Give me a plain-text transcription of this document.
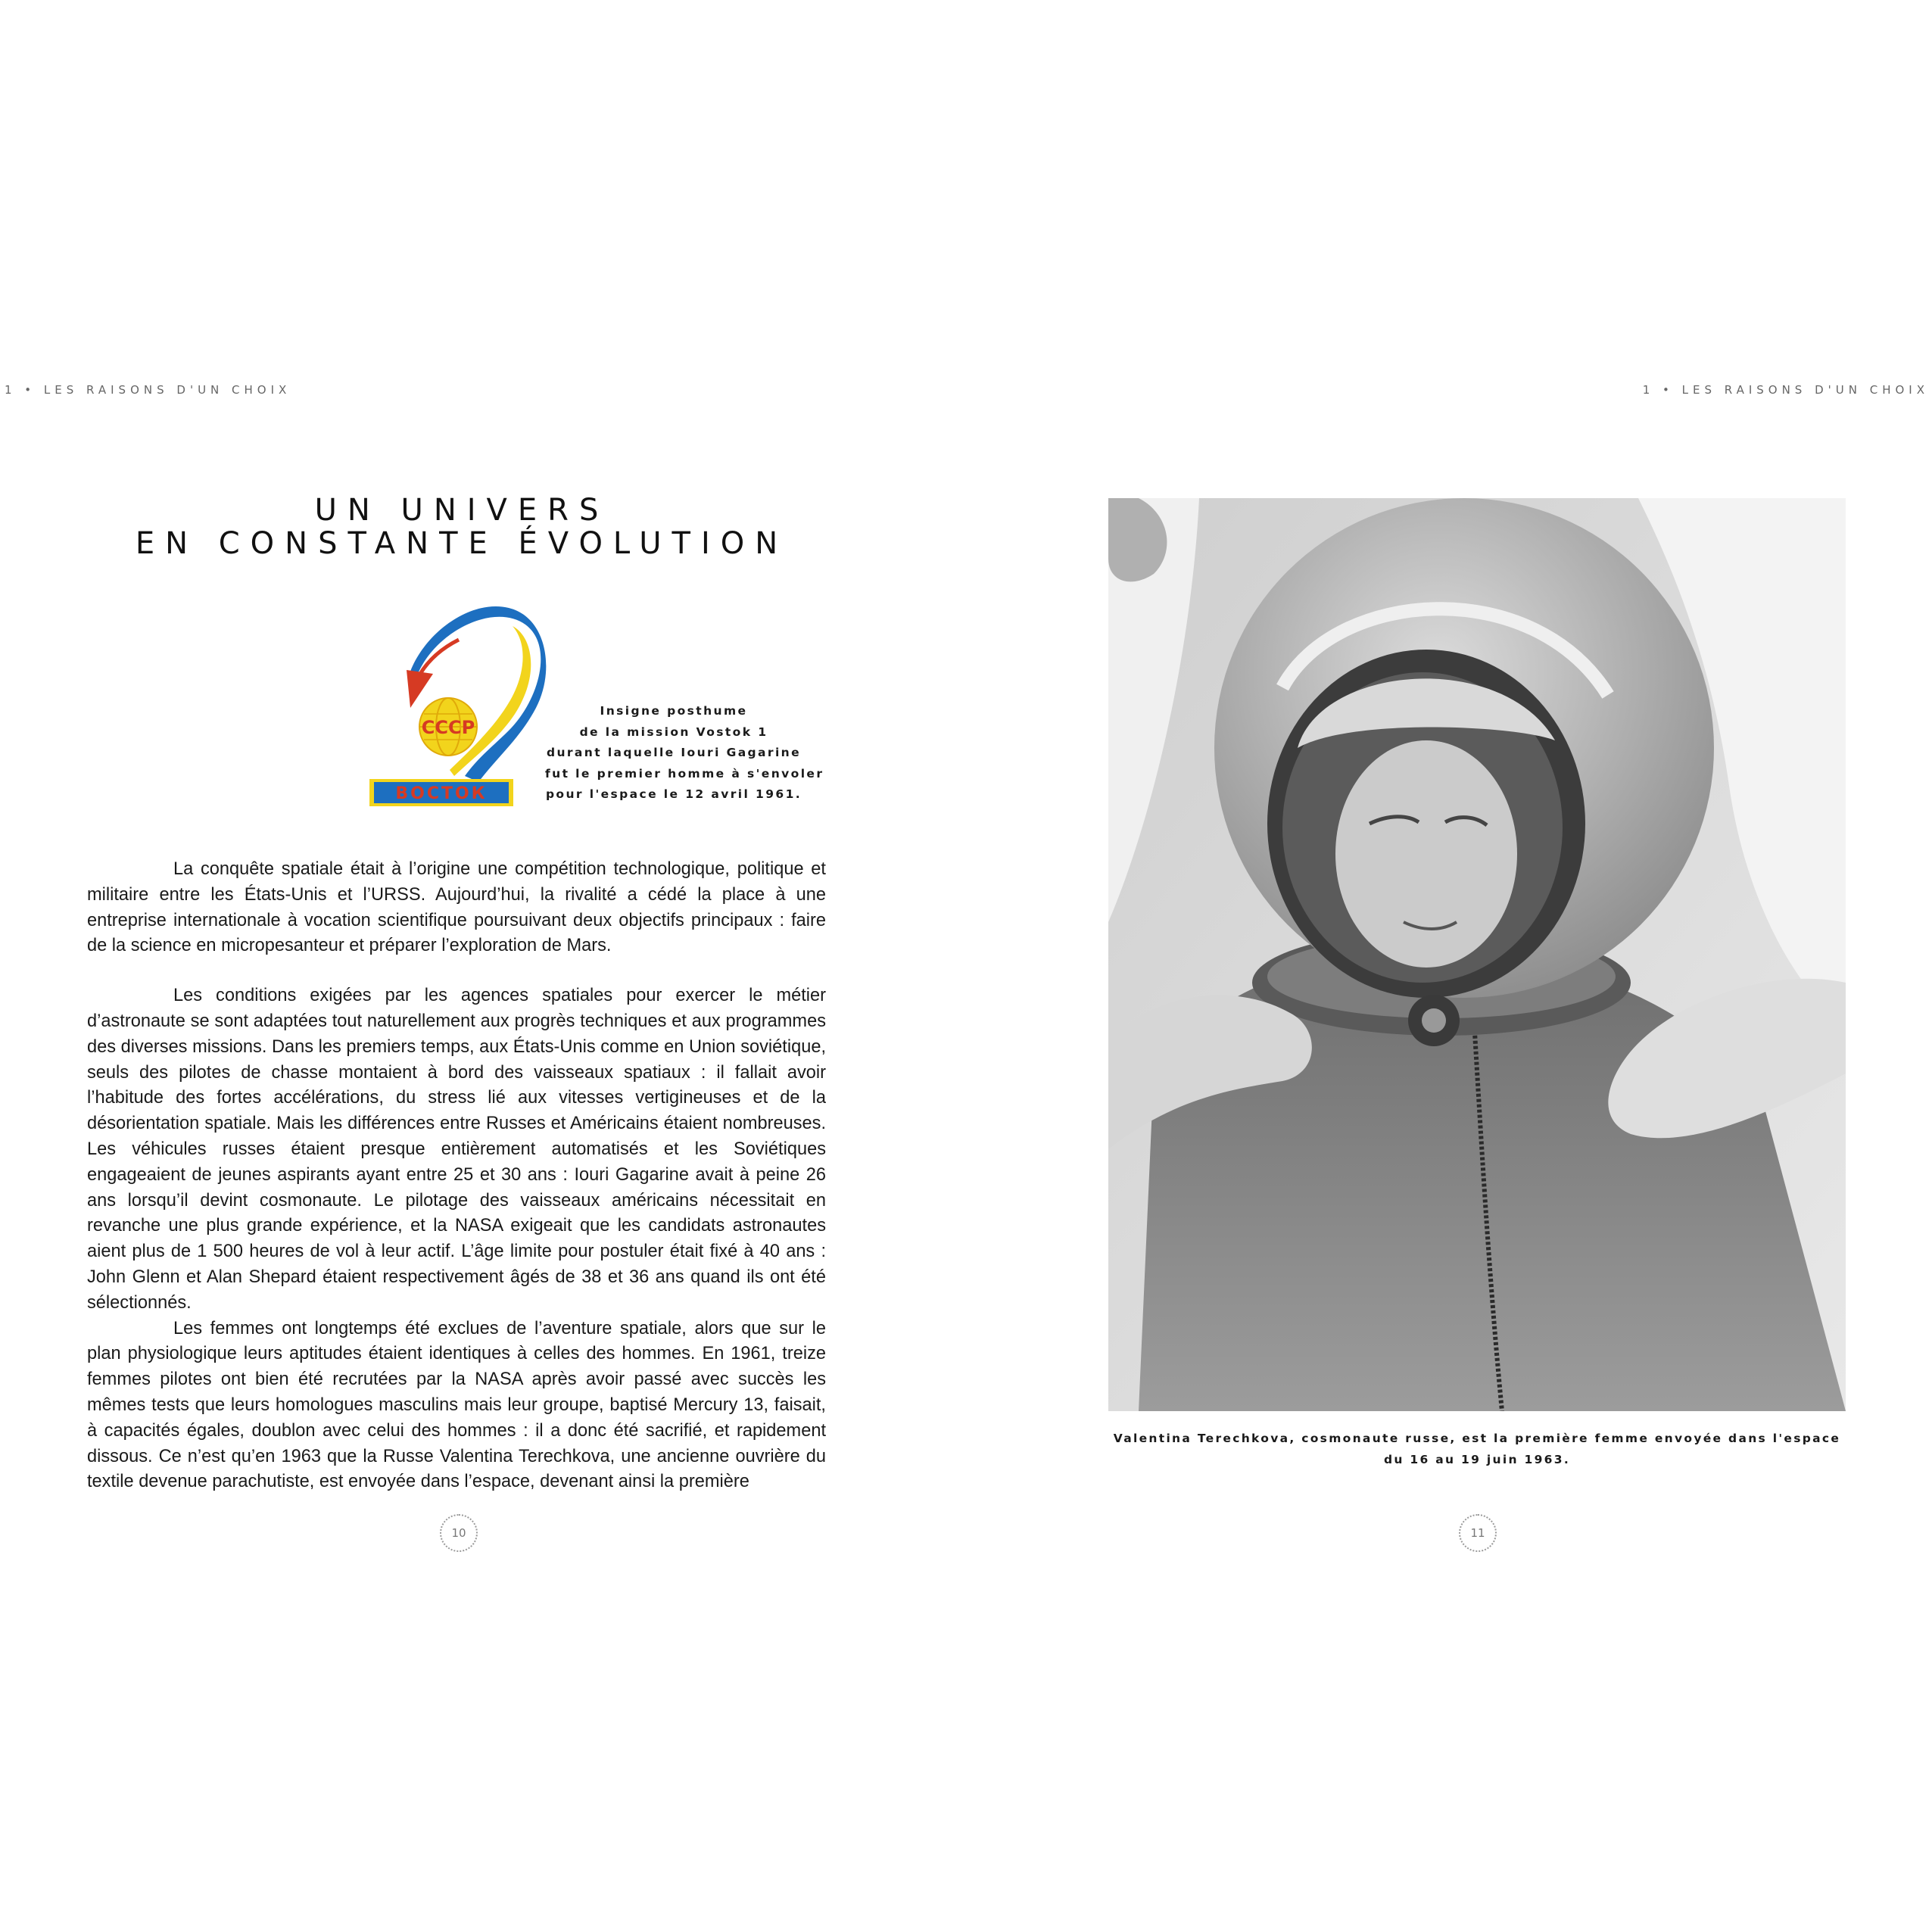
1 • LES RAISONS D'UN CHOIX
UN UNIVERS
EN CONSTANTE ÉVOLUTION
СССР
ВОСТОК
Insigne posthume
de la mission Vostok 1
durant laquelle Iouri Gagarine
fut le premier homme à s'envoler
pour l'espace le 12 avril 1961.

La conquête spatiale était à l’origine une compétition technologique, politique et militaire entre les États-Unis et l’URSS. Aujourd’hui, la rivalité a cédé la place à une entreprise internationale à vocation scientifique poursuivant deux objectifs principaux : faire de la science en micropesanteur et préparer l’exploration de Mars.

Les conditions exigées par les agences spatiales pour exercer le métier d’astronaute se sont adaptées tout naturellement aux progrès techniques et aux programmes des diverses missions. Dans les premiers temps, aux États-Unis comme en Union soviétique, seuls des pilotes de chasse montaient à bord des vaisseaux spatiaux : il fallait avoir l’habitude des fortes accélérations, du stress lié aux vitesses vertigineuses et de la désorientation spatiale. Mais les différences entre Russes et Américains étaient nombreuses. Les véhicules russes étaient presque entièrement automatisés et les Soviétiques engageaient de jeunes aspirants ayant entre 25 et 30 ans : Iouri Gagarine avait à peine 26 ans lorsqu’il devint cosmonaute. Le pilotage des vaisseaux américains nécessitait en revanche une plus grande expérience, et la NASA exigeait que les candidats astronautes aient plus de 1 500 heures de vol à leur actif. L’âge limite pour postuler était fixé à 40 ans : John Glenn et Alan Shepard étaient respectivement âgés de 38 et 36 ans quand ils ont été sélectionnés.

Les femmes ont longtemps été exclues de l’aventure spatiale, alors que sur le plan physiologique leurs aptitudes étaient identiques à celles des hommes. En 1961, treize femmes pilotes ont bien été recrutées par la NASA après avoir passé avec succès les mêmes tests que leurs homologues masculins mais leur groupe, baptisé Mercury 13, faisait, à capacités égales, doublon avec celui des hommes : il a donc été sacrifié, et rapidement dissous. Ce n’est qu’en 1963 que la Russe Valentina Terechkova, une ancienne ouvrière du textile devenue parachutiste, est envoyée dans l’espace, devenant ainsi la première

10
1 • LES RAISONS D'UN CHOIX
Valentina Terechkova, cosmonaute russe, est la première femme envoyée dans l'espace
du 16 au 19 juin 1963.
11
